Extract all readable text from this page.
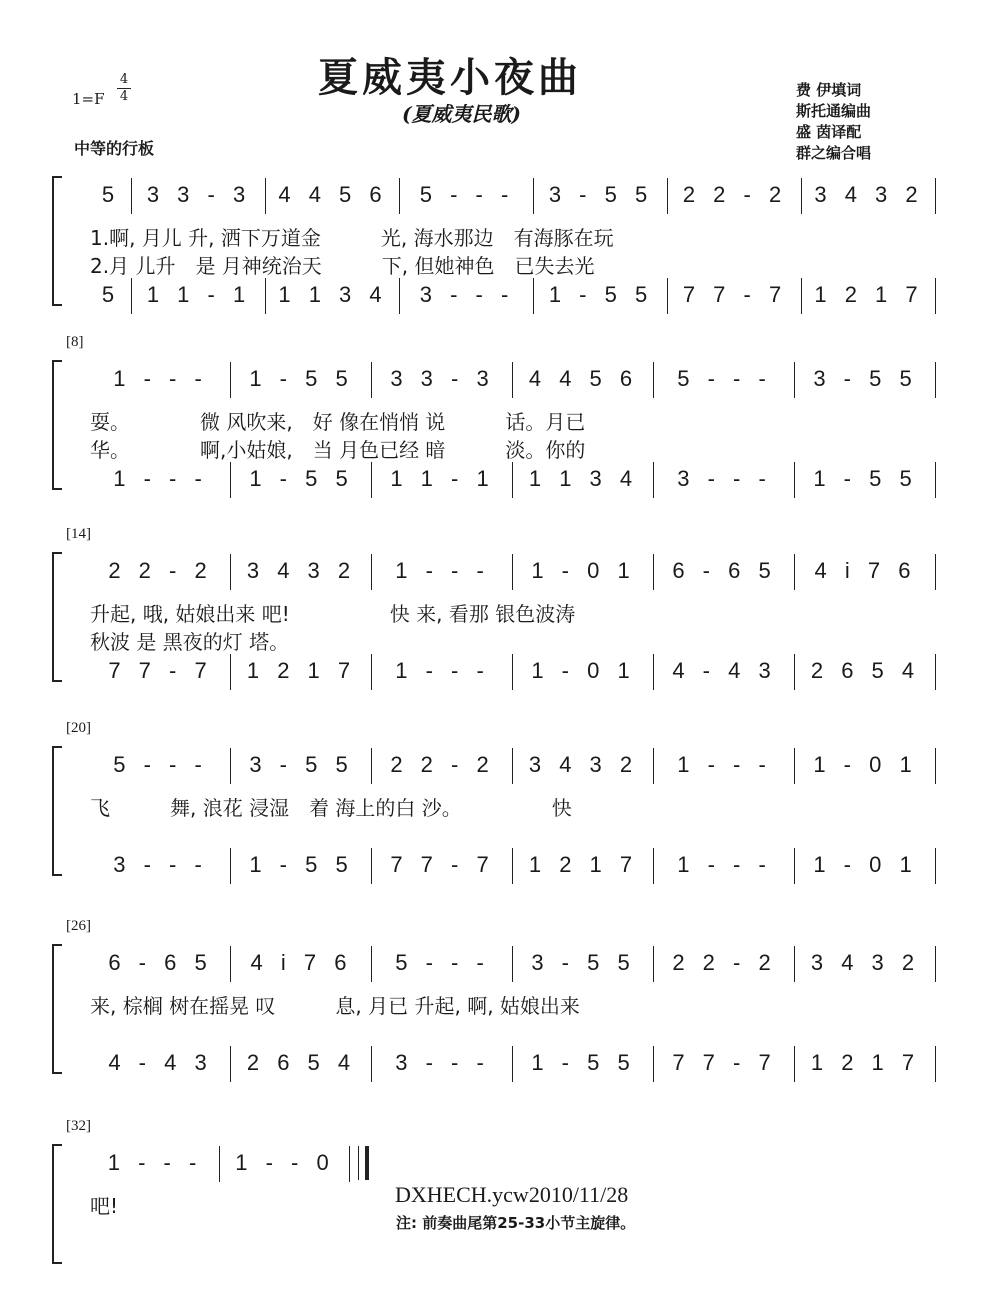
夏威夷小夜曲
(夏威夷民歌)
1=F
4
4
中等的行板
费 伊填词
斯托通编曲
盛 茵译配
群之编合唱
5	3 3 - 3	4 4 5 6	5 - - -	3 - 5 5	2 2 - 2	3 4 3 2
1.啊, 月儿 升, 洒下万道金　　　光, 海水那边　有海豚在玩
2.月 儿升　是 月神统治天　　　下, 但她神色　已失去光
5	1 1 - 1	1 1 3 4	3 - - -	1 - 5 5	7 7 - 7	1 2 1 7
[8]
1 - - -	1 - 5 5	3 3 - 3	4 4 5 6	5 - - -	3 - 5 5
耍。　　　　微 风吹来,　好 像在悄悄 说　　　话。月已
华。　　　　啊,小姑娘,　当 月色已经 暗　　　淡。你的
1 - - -	1 - 5 5	1 1 - 1	1 1 3 4	3 - - -	1 - 5 5
[14]
2 2 - 2	3 4 3 2	1 - - -	1 - 0 1	6 - 6 5	4 i 7 6
升起, 哦, 姑娘出来 吧!　　　　　快 来, 看那 银色波涛
秋波 是 黑夜的灯 塔。
7 7 - 7	1 2 1 7	1 - - -	1 - 0 1	4 - 4 3	2 6 5 4
[20]
5 - - -	3 - 5 5	2 2 - 2	3 4 3 2	1 - - -	1 - 0 1
飞　　　舞, 浪花 浸湿　着 海上的白 沙。　　　　　快
3 - - -	1 - 5 5	7 7 - 7	1 2 1 7	1 - - -	1 - 0 1
[26]
6 - 6 5	4 i 7 6	5 - - -	3 - 5 5	2 2 - 2	3 4 3 2
来, 棕榈 树在摇晃 叹　　　息, 月已 升起, 啊, 姑娘出来
4 - 4 3	2 6 5 4	3 - - -	1 - 5 5	7 7 - 7	1 2 1 7
[32]
1 - - -	1 - - 0
吧!	DXHECH.ycw2010/11/28
注: 前奏曲尾第25-33小节主旋律。
